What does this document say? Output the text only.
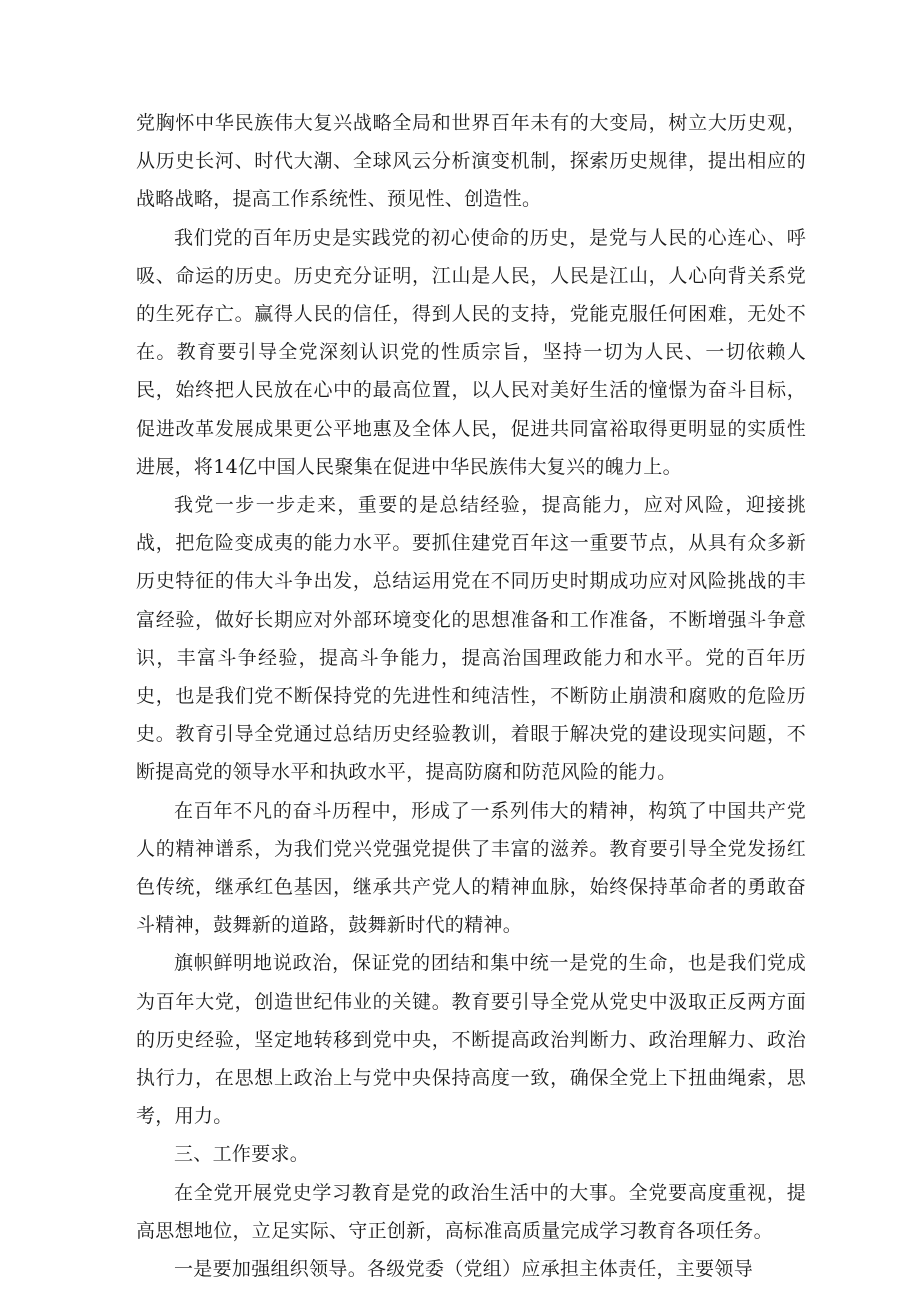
党胸怀中华民族伟大复兴战略全局和世界百年未有的大变局，树立大历史观，从历史长河、时代大潮、全球风云分析演变机制，探索历史规律，提出相应的战略战略，提高工作系统性、预见性、创造性。

我们党的百年历史是实践党的初心使命的历史，是党与人民的心连心、呼吸、命运的历史。历史充分证明，江山是人民，人民是江山，人心向背关系党的生死存亡。赢得人民的信任，得到人民的支持，党能克服任何困难，无处不在。教育要引导全党深刻认识党的性质宗旨，坚持一切为人民、一切依赖人民，始终把人民放在心中的最高位置，以人民对美好生活的憧憬为奋斗目标，促进改革发展成果更公平地惠及全体人民，促进共同富裕取得更明显的实质性进展，将14亿中国人民聚集在促进中华民族伟大复兴的魄力上。

我党一步一步走来，重要的是总结经验，提高能力，应对风险，迎接挑战，把危险变成夷的能力水平。要抓住建党百年这一重要节点，从具有众多新历史特征的伟大斗争出发，总结运用党在不同历史时期成功应对风险挑战的丰富经验，做好长期应对外部环境变化的思想准备和工作准备，不断增强斗争意识，丰富斗争经验，提高斗争能力，提高治国理政能力和水平。党的百年历史，也是我们党不断保持党的先进性和纯洁性，不断防止崩溃和腐败的危险历史。教育引导全党通过总结历史经验教训，着眼于解决党的建设现实问题，不断提高党的领导水平和执政水平，提高防腐和防范风险的能力。

在百年不凡的奋斗历程中，形成了一系列伟大的精神，构筑了中国共产党人的精神谱系，为我们党兴党强党提供了丰富的滋养。教育要引导全党发扬红色传统，继承红色基因，继承共产党人的精神血脉，始终保持革命者的勇敢奋斗精神，鼓舞新的道路，鼓舞新时代的精神。

旗帜鲜明地说政治，保证党的团结和集中统一是党的生命，也是我们党成为百年大党，创造世纪伟业的关键。教育要引导全党从党史中汲取正反两方面的历史经验，坚定地转移到党中央，不断提高政治判断力、政治理解力、政治执行力，在思想上政治上与党中央保持高度一致，确保全党上下扭曲绳索，思考，用力。

三、工作要求。

在全党开展党史学习教育是党的政治生活中的大事。全党要高度重视，提高思想地位，立足实际、守正创新，高标准高质量完成学习教育各项任务。

一是要加强组织领导。各级党委（党组）应承担主体责任，主要领导
